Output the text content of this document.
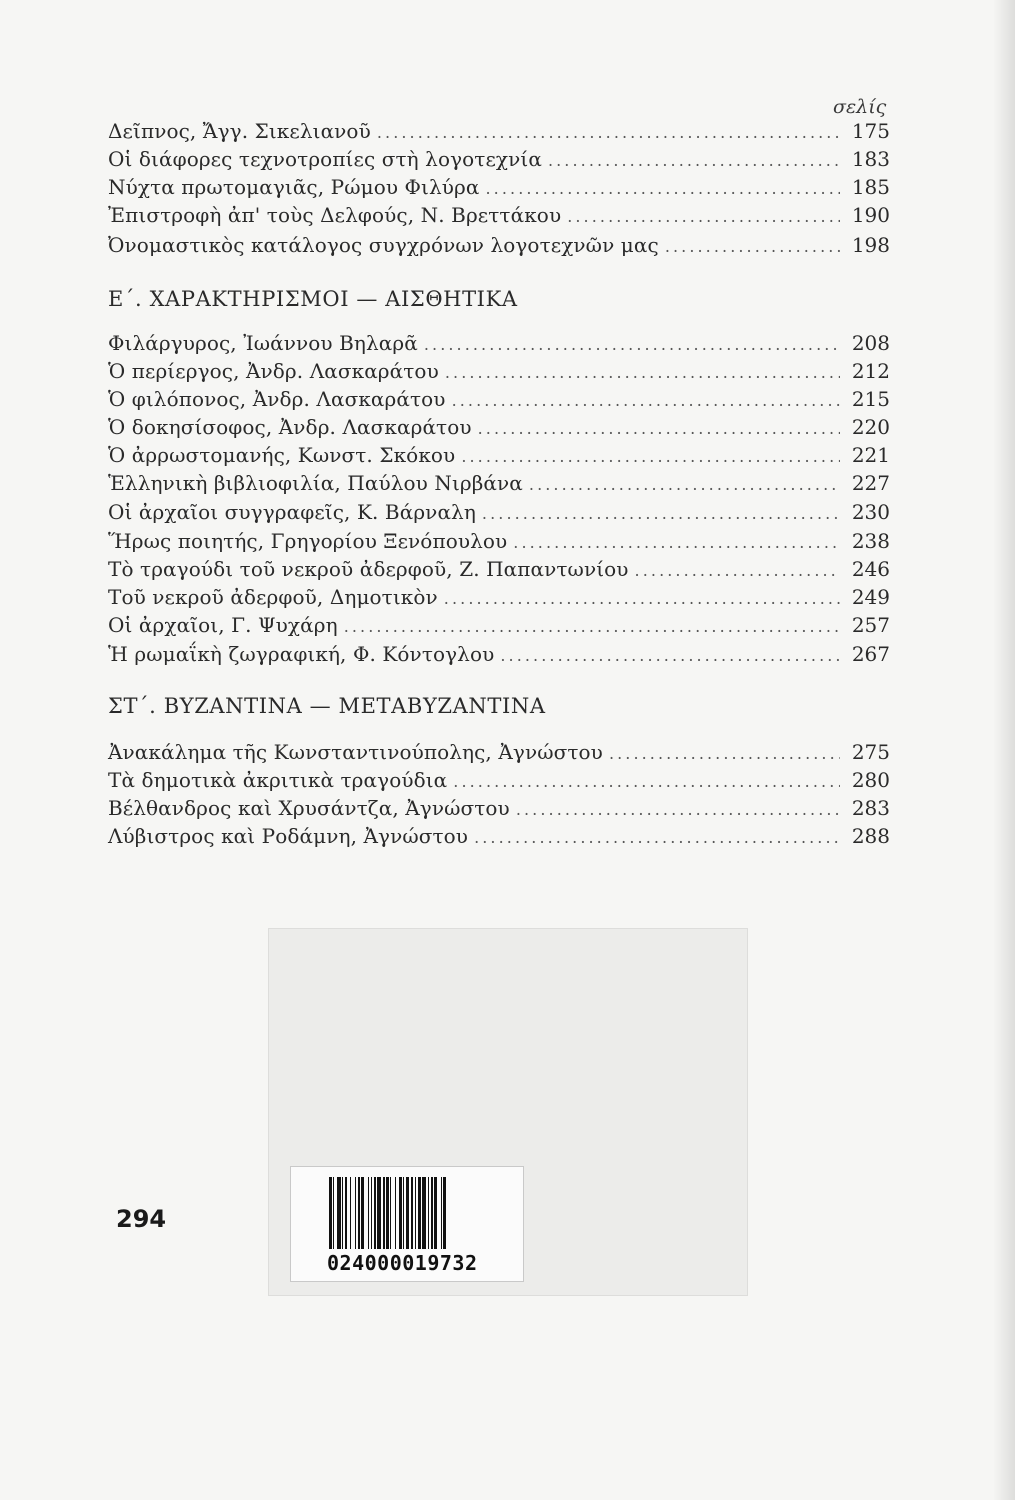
σελίς
Δεῖπνος, Ἄγγ. Σικελιανοῦ . . .	175
Οἱ διάφορες τεχνοτροπίες στὴ λογοτεχνία . . .	183
Νύχτα πρωτομαγιᾶς, Ρώμου Φιλύρα . . .	185
Ἐπιστροφὴ ἀπ' τοὺς Δελφούς, Ν. Βρεττάκου . . .	190
Ὀνομαστικὸς κατάλογος συγχρόνων λογοτεχνῶν μας . . .	198
Ε΄. ΧΑΡΑΚΤΗΡΙΣΜΟΙ — ΑΙΣΘΗΤΙΚΑ
Φιλάργυρος, Ἰωάννου Βηλαρᾶ . . .	208
Ὁ περίεργος, Ἀνδρ. Λασκαράτου . . .	212
Ὁ φιλόπονος, Ἀνδρ. Λασκαράτου . . .	215
Ὁ δοκησίσοφος, Ἀνδρ. Λασκαράτου . . .	220
Ὁ ἀρρωστομανής, Κωνστ. Σκόκου . . .	221
Ἑλληνικὴ βιβλιοφιλία, Παύλου Νιρβάνα . . .	227
Οἱ ἀρχαῖοι συγγραφεῖς, Κ. Βάρναλη . . .	230
Ἥρως ποιητής, Γρηγορίου Ξενόπουλου . . .	238
Τὸ τραγούδι τοῦ νεκροῦ ἀδερφοῦ, Ζ. Παπαντωνίου . . .	246
Τοῦ νεκροῦ ἀδερφοῦ, Δημοτικὸν . . .	249
Οἱ ἀρχαῖοι, Γ. Ψυχάρη . . .	257
Ἡ ρωμαΐκὴ ζωγραφική, Φ. Κόντογλου . . .	267
ΣΤ΄. ΒΥΖΑΝΤΙΝΑ — ΜΕΤΑΒΥΖΑΝΤΙΝΑ
Ἀνακάλημα τῆς Κωνσταντινούπολης, Ἀγνώστου . . .	275
Τὰ δημοτικὰ ἀκριτικὰ τραγούδια . . .	280
Βέλθανδρος καὶ Χρυσάντζα, Ἀγνώστου . . .	283
Λύβιστρος καὶ Ροδάμνη, Ἀγνώστου . . .	288
024000019732
294
